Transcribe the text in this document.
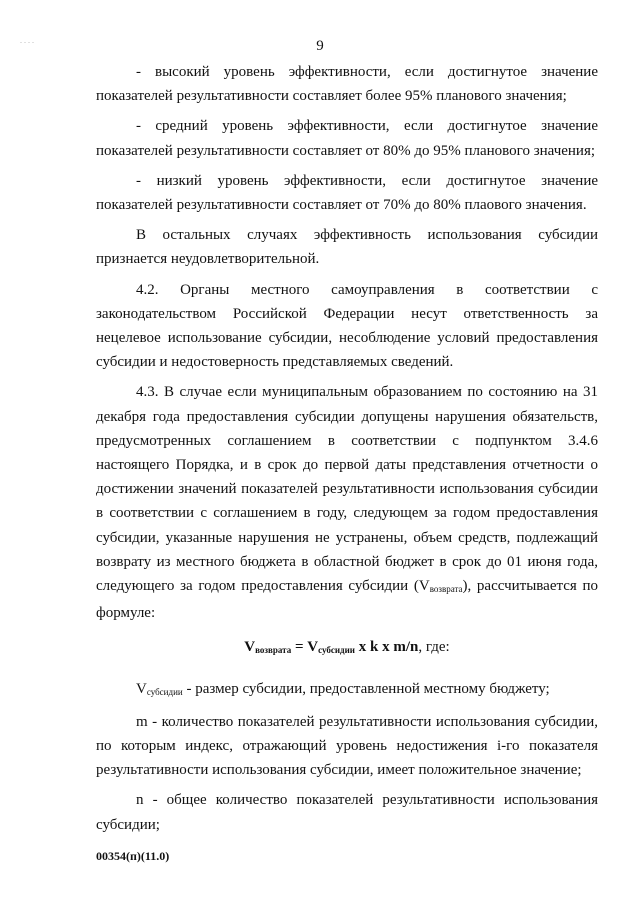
. . . .	9

- высокий уровень эффективности, если достигнутое значение показателей результативности составляет более 95% планового значения;

- средний уровень эффективности, если достигнутое значение показателей результативности составляет от 80% до 95% планового значения;

- низкий уровень эффективности, если достигнутое значение показателей результативности составляет от 70% до 80% плаового значения.

В остальных случаях эффективность использования субсидии признается неудовлетворительной.

4.2. Органы местного самоуправления в соответствии с законодательством Российской Федерации несут ответственность за нецелевое использование субсидии, несоблюдение условий предоставления субсидии и недостоверность представляемых сведений.

4.3. В случае если муниципальным образованием по состоянию на 31 декабря года предоставления субсидии допущены нарушения обязательств, предусмотренных соглашением в соответствии с подпунктом 3.4.6 настоящего Порядка, и в срок до первой даты представления отчетности о достижении значений показателей результативности использования субсидии в соответствии с соглашением в году, следующем за годом предоставления субсидии, указанные нарушения не устранены, объем средств, подлежащий возврату из местного бюджета в областной бюджет в срок до 01 июня года, следующего за годом предоставления субсидии $(V_{возврата})$, рассчитывается по формуле:

$V_{возврата} = V_{субсидии}$ x k x m/n, где:

$V_{субсидии}$ - размер субсидии, предоставленной местному бюджету;

m - количество показателей результативности использования субсидии, по которым индекс, отражающий уровень недостижения i-го показателя результативности использования субсидии, имеет положительное значение;

n - общее количество показателей результативности использования субсидии;

00354(п)(11.0)
